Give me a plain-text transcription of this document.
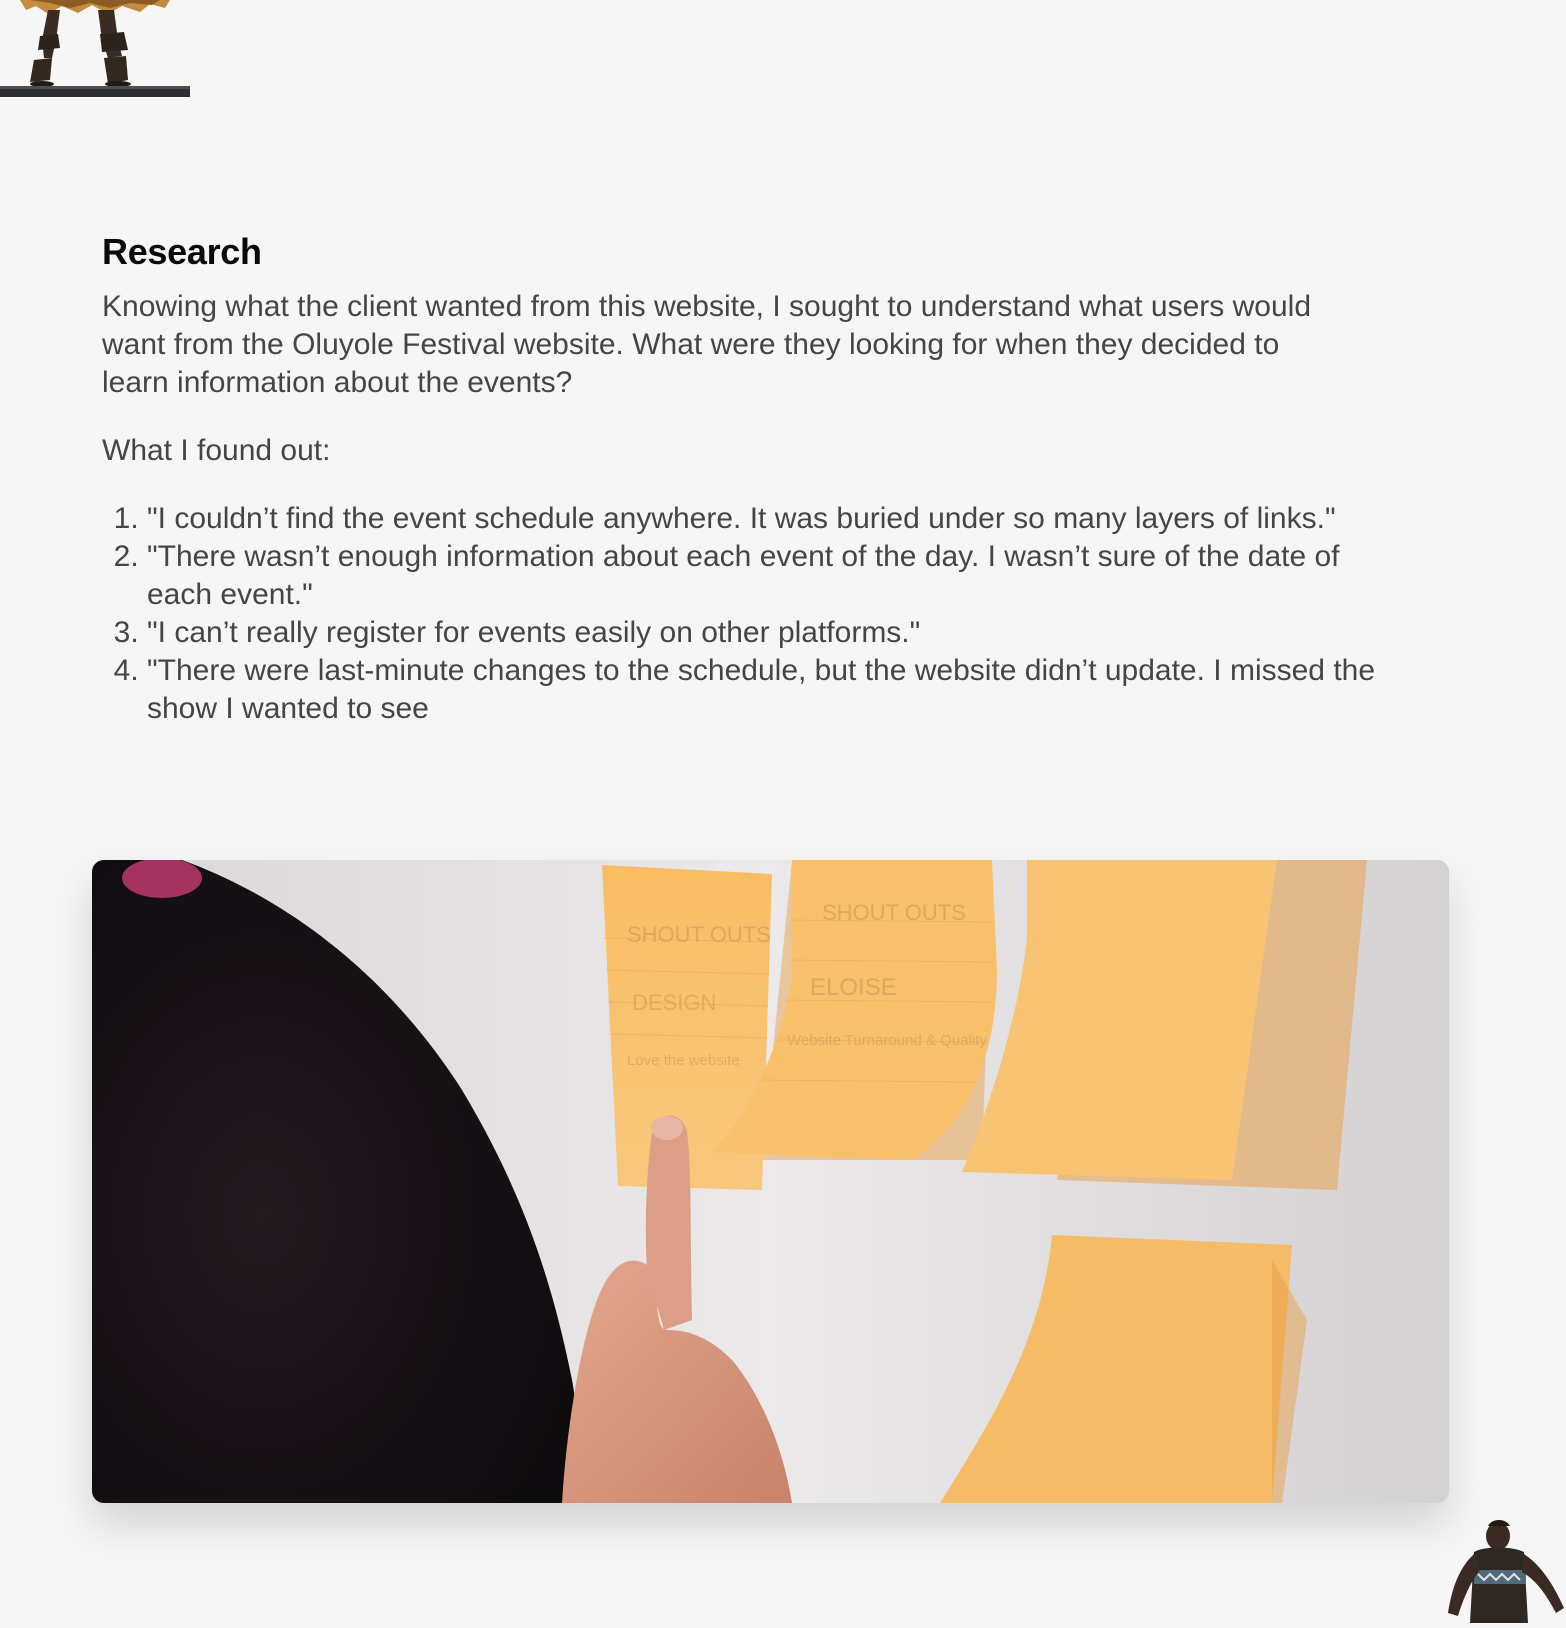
Research

Knowing what the client wanted from this website, I sought to understand what users would want from the Oluyole Festival website. What were they looking for when they decided to learn information about the events?

What I found out:

1. "I couldn’t find the event schedule anywhere. It was buried under so many layers of links."
2. "There wasn’t enough information about each event of the day. I wasn’t sure of the date of each event."
3. "I can’t really register for events easily on other platforms."
4. "There were last-minute changes to the schedule, but the website didn’t update. I missed the show I wanted to see
SHOUT OUTS
DESIGN
Love the website
SHOUT OUTS
ELOISE
Website Turnaround & Quality
